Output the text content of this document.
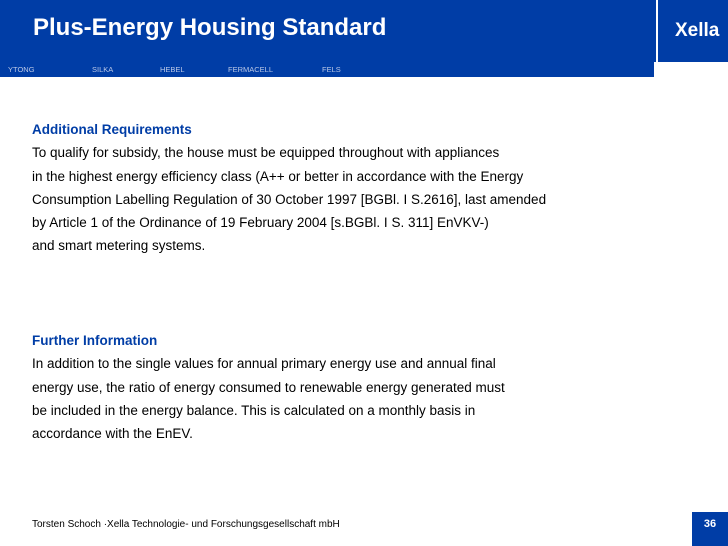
Plus-Energy Housing Standard	Xella
YTONG	SILKA	HEBEL	FERMACELL	FELS
Additional Requirements
To qualify for subsidy, the house must be equipped throughout with appliances
in the highest energy efficiency class (A++ or better in accordance with the Energy
Consumption Labelling Regulation of 30 October 1997 [BGBl. I S.2616], last amended
by Article 1 of the Ordinance of 19 February 2004 [s.BGBl. I S. 311] EnVKV-)
and smart metering systems.
Further Information
In addition to the single values for annual primary energy use and annual final
energy use, the ratio of energy consumed to renewable energy generated must
be included in the energy balance. This is calculated on a monthly basis in
accordance with the EnEV.
Torsten Schoch ·Xella Technologie- und Forschungsgesellschaft mbH	36
